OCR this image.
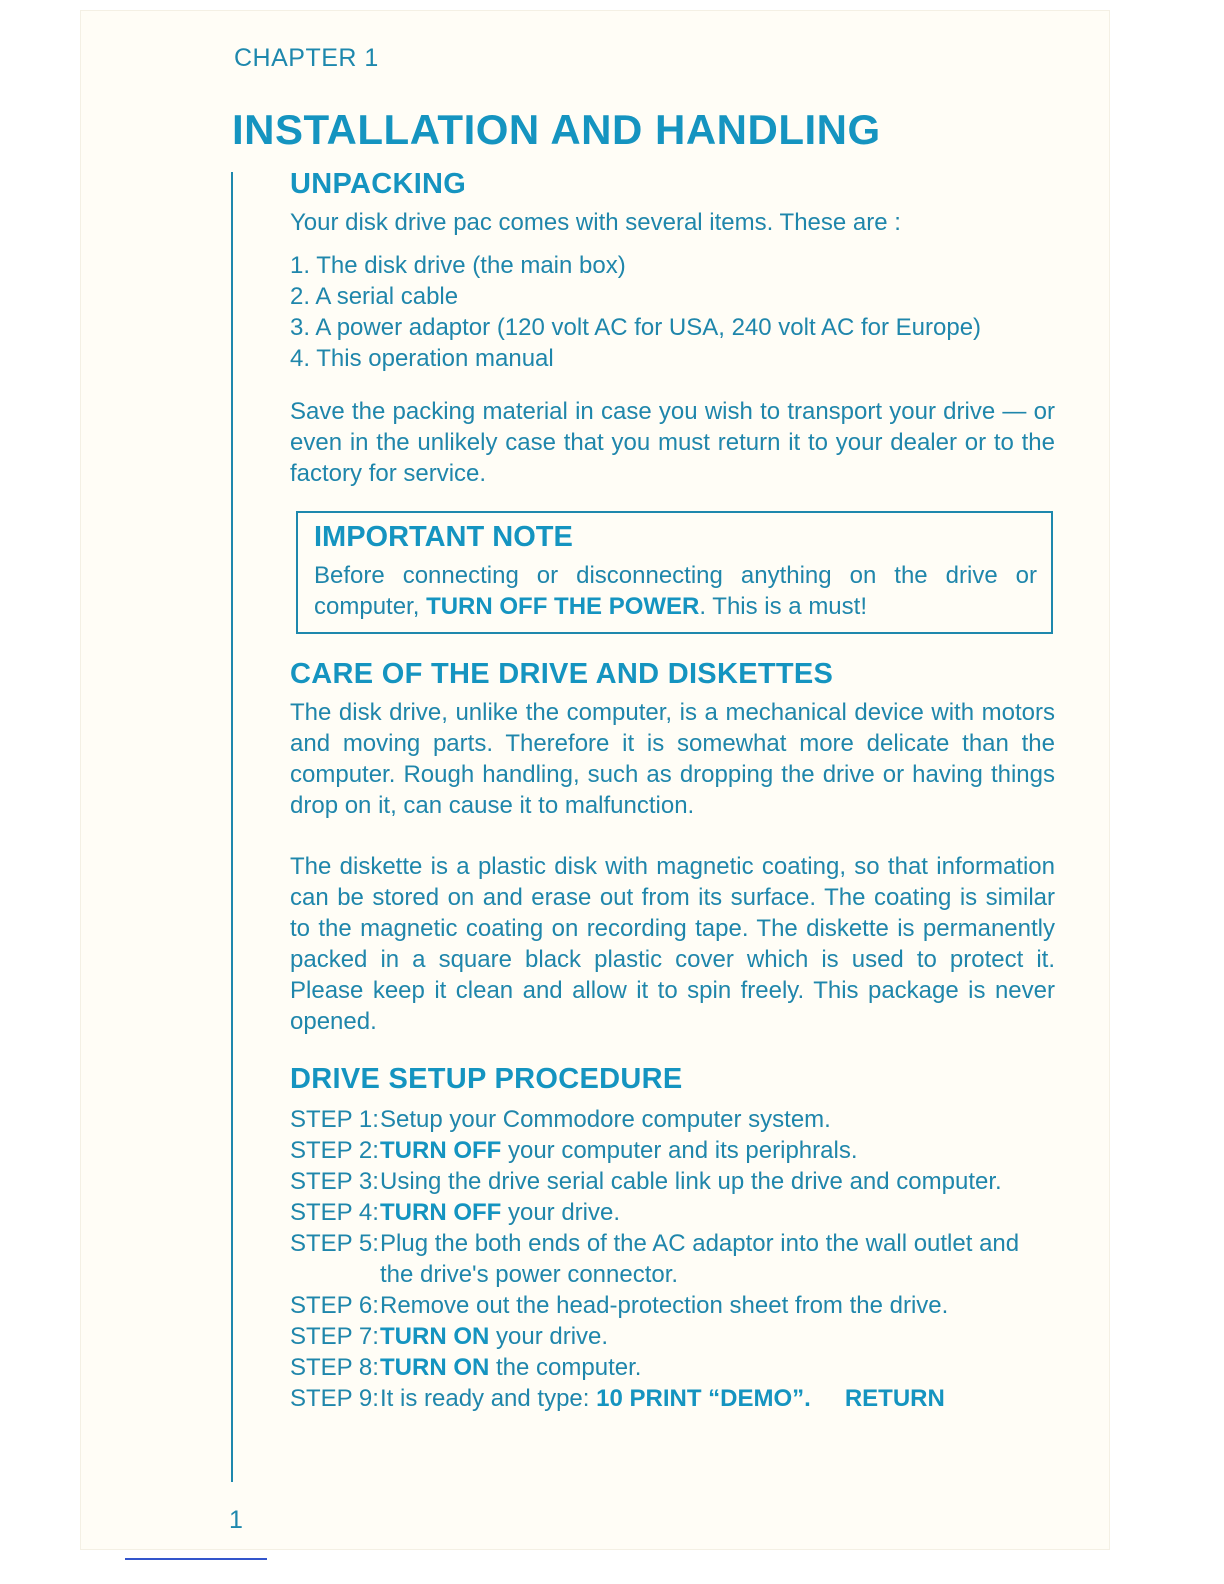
CHAPTER 1
INSTALLATION AND HANDLING
UNPACKING

Your disk drive pac comes with several items. These are :

1. The disk drive (the main box)
2. A serial cable
3. A power adaptor (120 volt AC for USA, 240 volt AC for Europe)
4. This operation manual

Save the packing material in case you wish to transport your drive — or even in the unlikely case that you must return it to your dealer or to the factory for service.

IMPORTANT NOTE

Before connecting or disconnecting anything on the drive or computer, TURN OFF THE POWER. This is a must!

CARE OF THE DRIVE AND DISKETTES

The disk drive, unlike the computer, is a mechanical device with motors and moving parts. Therefore it is somewhat more delicate than the computer. Rough handling, such as dropping the drive or having things drop on it, can cause it to malfunction.

The diskette is a plastic disk with magnetic coating, so that information can be stored on and erase out from its surface. The coating is similar to the magnetic coating on recording tape. The diskette is permanently packed in a square black plastic cover which is used to protect it. Please keep it clean and allow it to spin freely. This package is never opened.

DRIVE SETUP PROCEDURE
STEP 1: Setup your Commodore computer system.
STEP 2: TURN OFF your computer and its periphrals.
STEP 3: Using the drive serial cable link up the drive and computer.
STEP 4: TURN OFF your drive.
STEP 5: Plug the both ends of the AC adaptor into the wall outlet and the drive's power connector.
STEP 6: Remove out the head-protection sheet from the drive.
STEP 7: TURN ON your drive.
STEP 8: TURN ON the computer.
STEP 9: It is ready and type: 10 PRINT “DEMO”. RETURN
1
